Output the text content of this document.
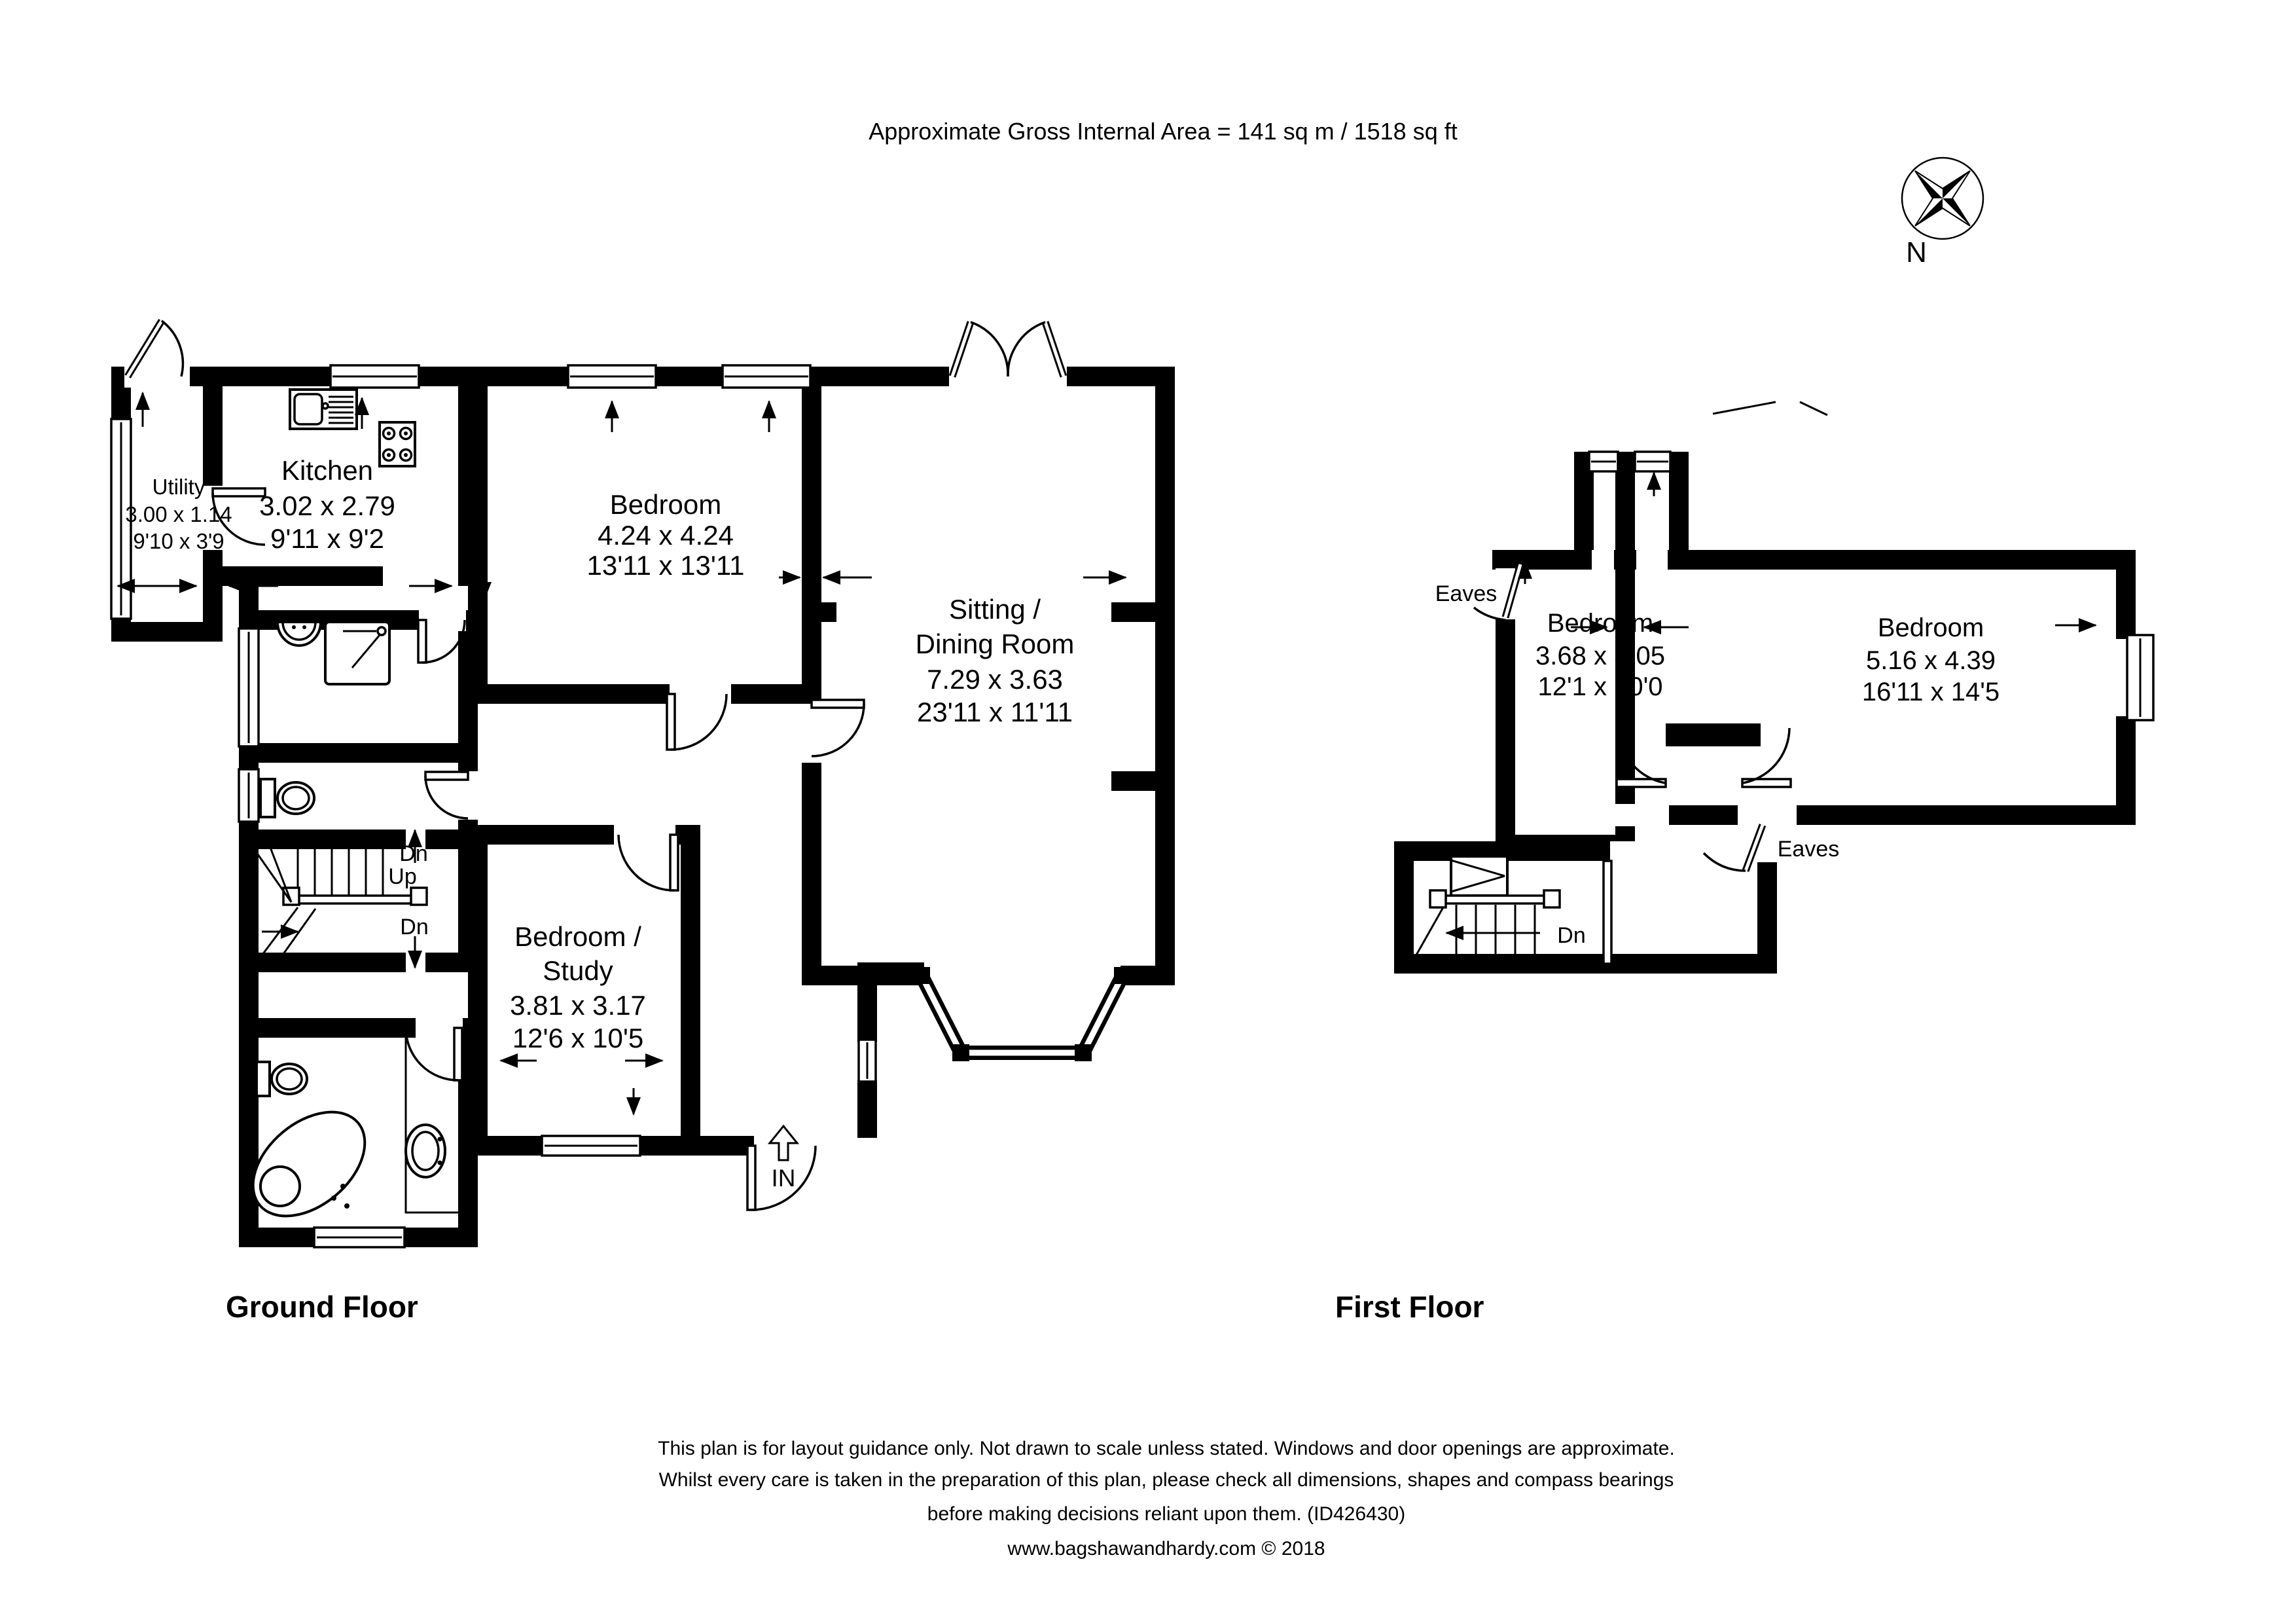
Utility
3.00 x 1.14
9'10 x 3'9
Kitchen
3.02 x 2.79
9'11 x 9'2
Bedroom
4.24 x 4.24
13'11 x 13'11
Sitting /
Dining Room
7.29 x 3.63
23'11 x 11'11
Bedroom /
Study
3.81 x 3.17
12'6 x 10'5
Dn
Up
Dn
IN
Ground Floor
Bedroom
3.68 x 3.05
12'1 x 10'0
Bedroom
5.16 x 4.39
16'11 x 14'5
Eaves
Eaves
Dn
First Floor
N
Approximate Gross Internal Area = 141 sq m / 1518 sq ft
This plan is for layout guidance only. Not drawn to scale unless stated. Windows and door openings are approximate.
Whilst every care is taken in the preparation of this plan, please check all dimensions, shapes and compass bearings
before making decisions reliant upon them. (ID426430)
www.bagshawandhardy.com © 2018
